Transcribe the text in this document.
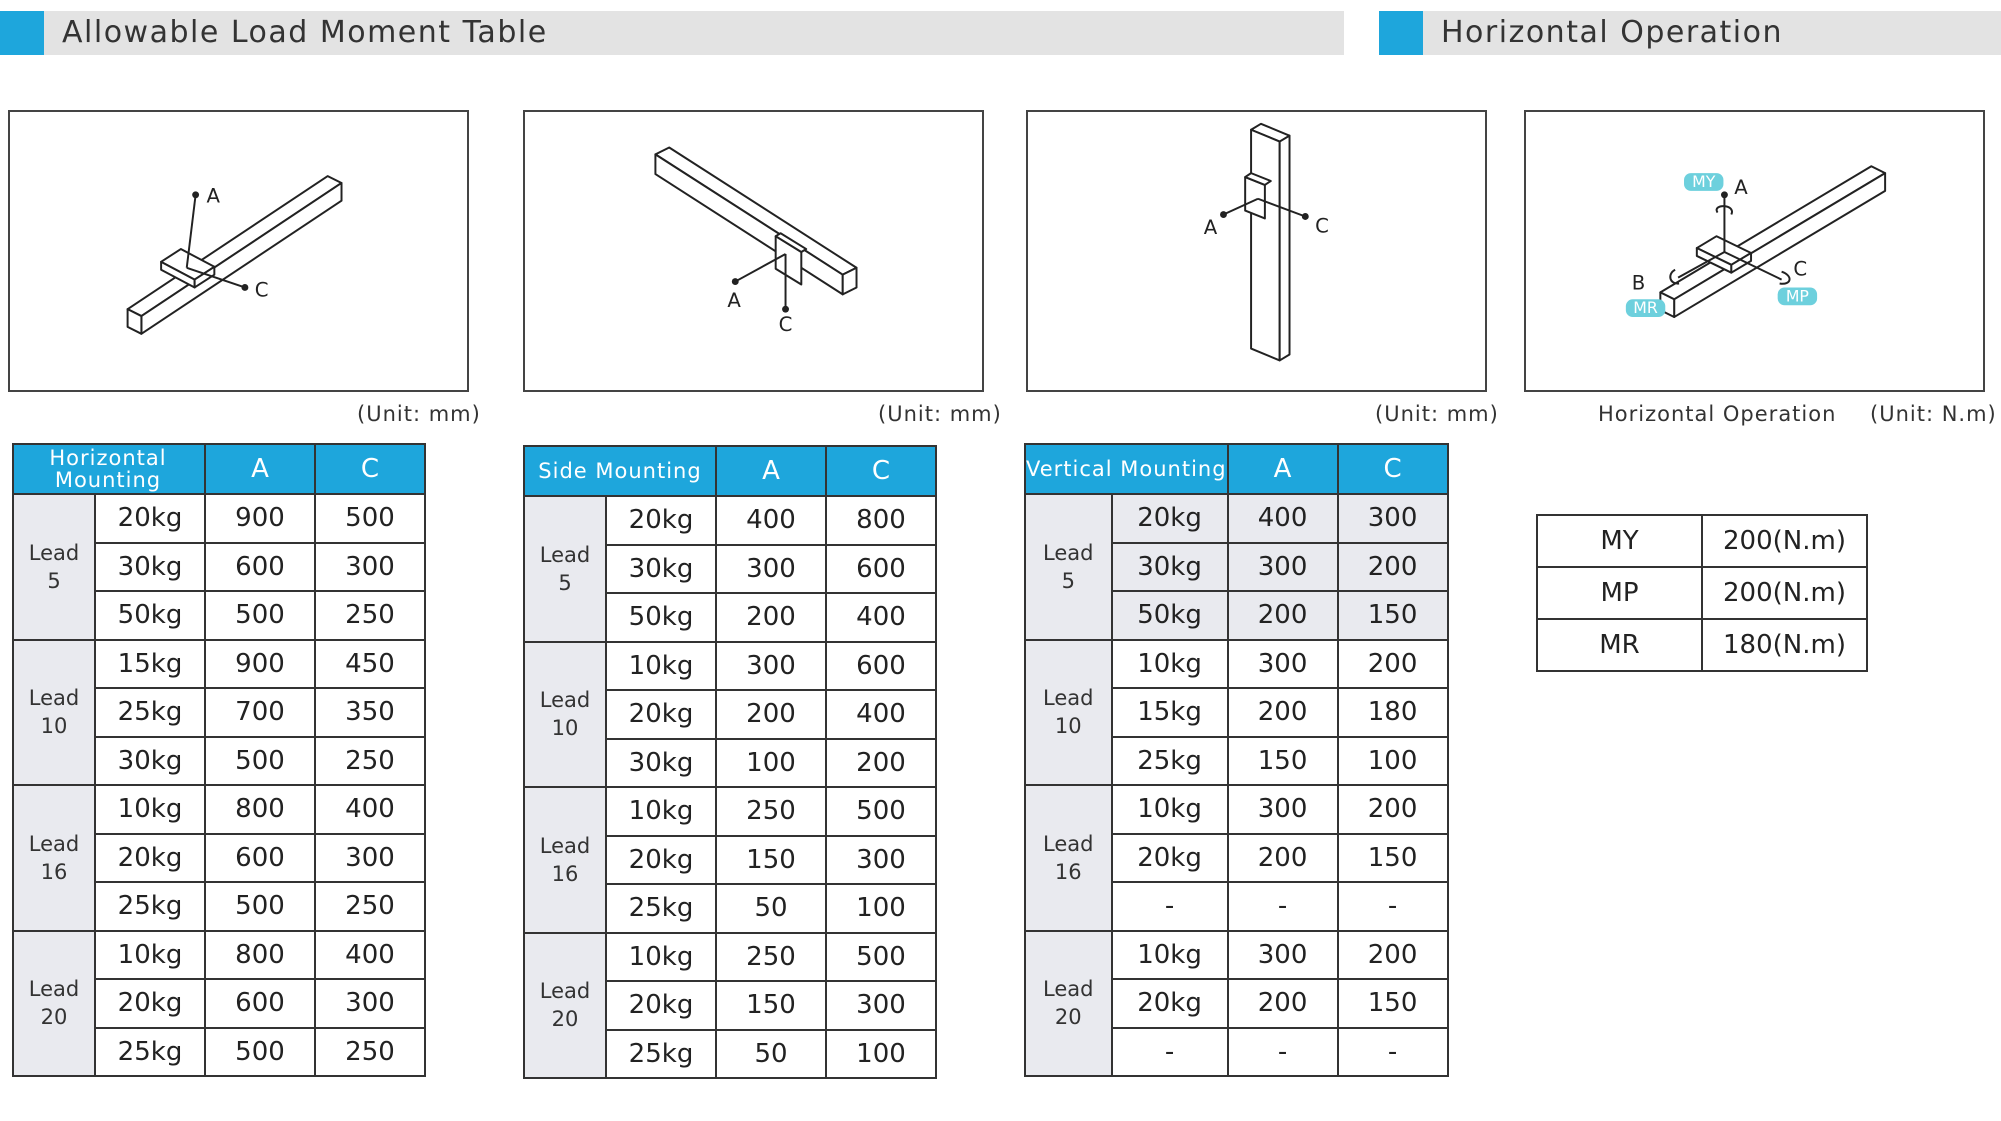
Allowable Load Moment Table	Horizontal Operation
A
C	A
C
A	C
MY
MR
MP
A
B
C
(Unit: mm)	(Unit: mm)	(Unit: mm)	Horizontal Operation (Unit: N.m)
Horizontal Mounting		A	C

Lead
5	20kg	900	500
	30kg	600	300
	50kg	500	250

Lead
10	15kg	900	450
	25kg	700	350
	30kg	500	250

Lead
16	10kg	800	400
	20kg	600	300
	25kg	500	250

Lead
20	10kg	800	400
	20kg	600	300
	25kg	500	250
Side Mounting		A	C

Lead
5	20kg	400	800
	30kg	300	600
	50kg	200	400

Lead
10	10kg	300	600
	20kg	200	400
	30kg	100	200

Lead
16	10kg	250	500
	20kg	150	300
	25kg	50	100

Lead
20	10kg	250	500
	20kg	150	300
	25kg	50	100
Vertical Mounting		A	C

Lead
5	20kg	400	300
	30kg	300	200
	50kg	200	150

Lead
10	10kg	300	200
	15kg	200	180
	25kg	150	100

Lead
16	10kg	300	200
	20kg	200	150
	-	-	-

Lead
20	10kg	300	200
	20kg	200	150
	-	-	-
MY	200(N.m)
MP	200(N.m)
MR	180(N.m)
